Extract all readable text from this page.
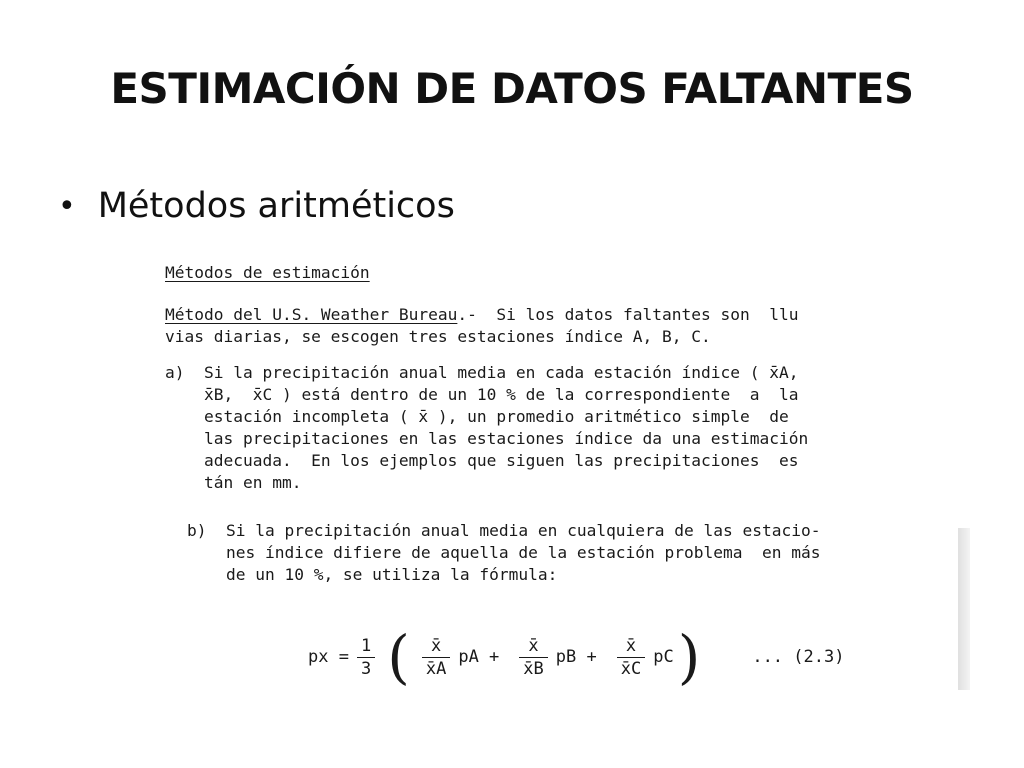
ESTIMACIÓN DE DATOS FALTANTES
• Métodos aritméticos
Métodos de estimación
Método del U.S. Weather Bureau.-  Si los datos faltantes son  llu
vias diarias, se escogen tres estaciones índice A, B, C.
a)  Si la precipitación anual media en cada estación índice ( x̄A,
x̄B,  x̄C ) está dentro de un 10 % de la correspondiente  a  la
estación incompleta ( x̄ ), un promedio aritmético simple  de
las precipitaciones en las estaciones índice da una estimación
adecuada.  En los ejemplos que siguen las precipitaciones  es
tán en mm.
b)  Si la precipitación anual media en cualquiera de las estacio-
nes índice difiere de aquella de la estación problema  en más
de un 10 %, se utiliza la fórmula:
px = $\frac{1}{3}$ ( $\frac{x̄}{x̄A}$ pA + $\frac{x̄}{x̄B}$ pB + $\frac{x̄}{x̄C}$ pC )	... (2.3)
